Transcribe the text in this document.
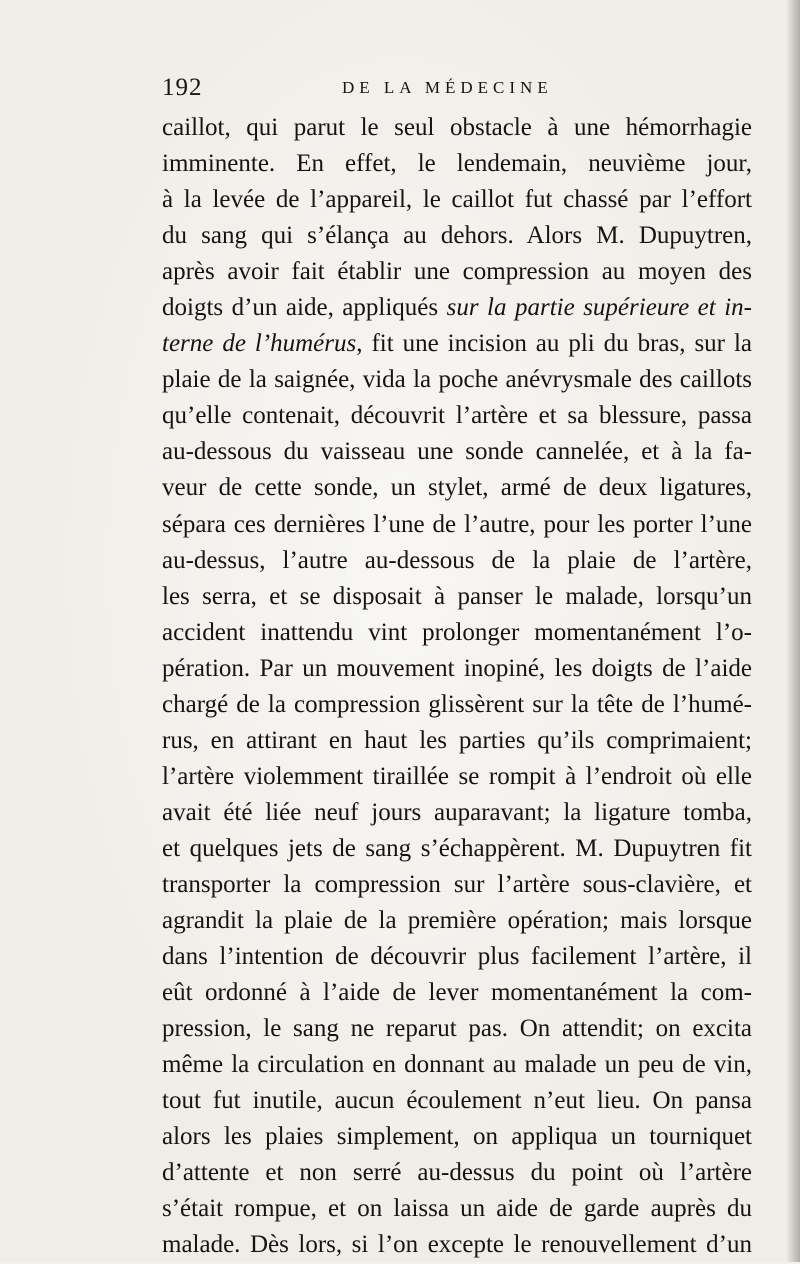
192	DE LA MÉDECINE
caillot, qui parut le seul obstacle à une hémorrhagie
imminente. En effet, le lendemain, neuvième jour,
à la levée de l’appareil, le caillot fut chassé par l’effort
du sang qui s’élança au dehors. Alors M. Dupuytren,
après avoir fait établir une compression au moyen des
doigts d’un aide, appliqués sur la partie supérieure et in-
terne de l’humérus, fit une incision au pli du bras, sur la
plaie de la saignée, vida la poche anévrysmale des caillots
qu’elle contenait, découvrit l’artère et sa blessure, passa
au-dessous du vaisseau une sonde cannelée, et à la fa-
veur de cette sonde, un stylet, armé de deux ligatures,
sépara ces dernières l’une de l’autre, pour les porter l’une
au-dessus, l’autre au-dessous de la plaie de l’artère,
les serra, et se disposait à panser le malade, lorsqu’un
accident inattendu vint prolonger momentanément l’o-
pération. Par un mouvement inopiné, les doigts de l’aide
chargé de la compression glissèrent sur la tête de l’humé-
rus, en attirant en haut les parties qu’ils comprimaient;
l’artère violemment tiraillée se rompit à l’endroit où elle
avait été liée neuf jours auparavant; la ligature tomba,
et quelques jets de sang s’échappèrent. M. Dupuytren fit
transporter la compression sur l’artère sous-clavière, et
agrandit la plaie de la première opération; mais lorsque
dans l’intention de découvrir plus facilement l’artère, il
eût ordonné à l’aide de lever momentanément la com-
pression, le sang ne reparut pas. On attendit; on excita
même la circulation en donnant au malade un peu de vin,
tout fut inutile, aucun écoulement n’eut lieu. On pansa
alors les plaies simplement, on appliqua un tourniquet
d’attente et non serré au-dessus du point où l’artère
s’était rompue, et on laissa un aide de garde auprès du
malade. Dès lors, si l’on excepte le renouvellement d’un
